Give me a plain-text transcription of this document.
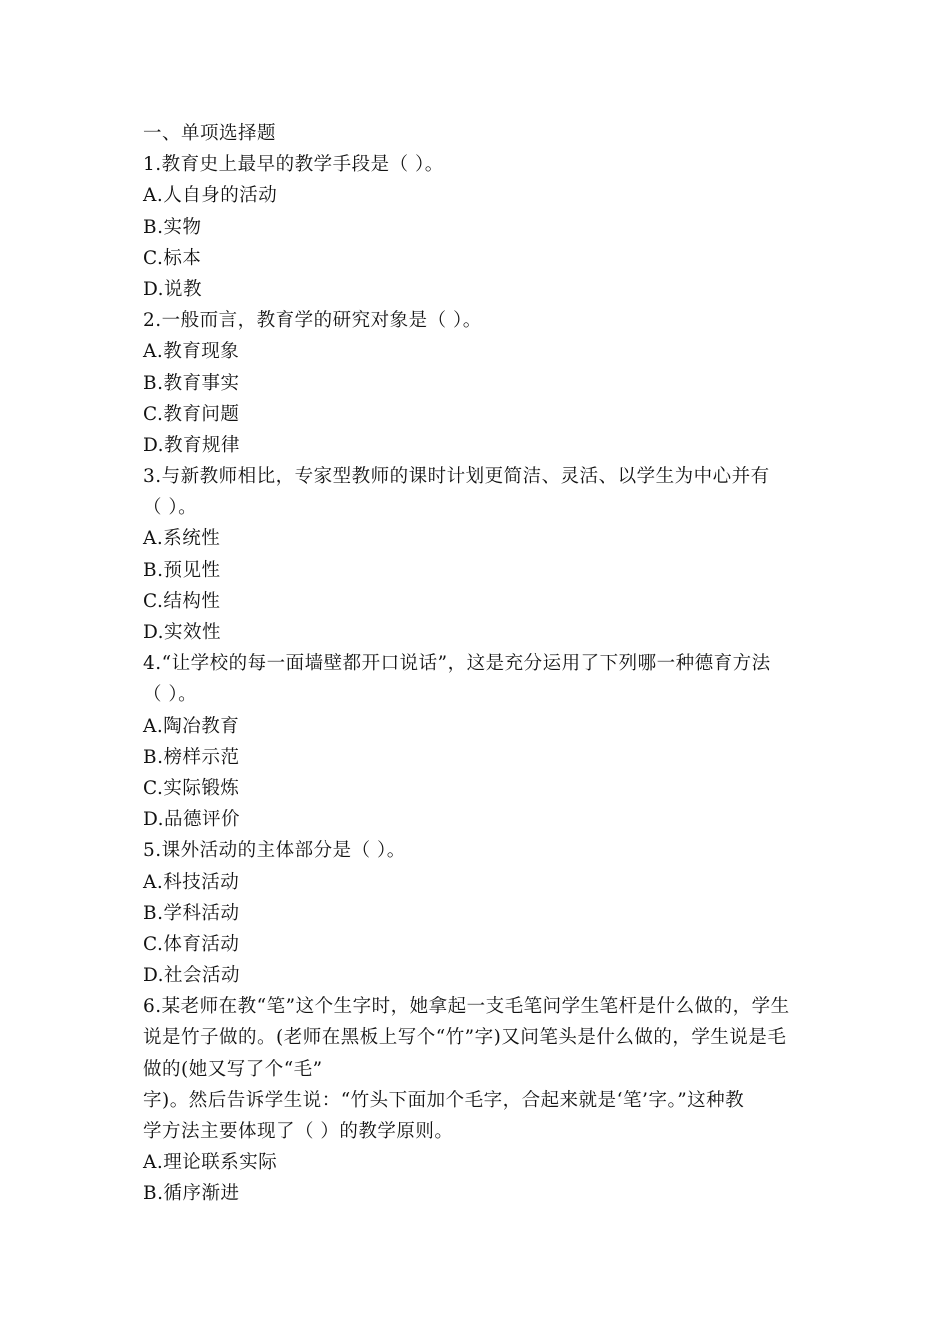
一、单项选择题
1.教育史上最早的教学手段是（ ）。
A.人自身的活动
B.实物
C.标本
D.说教
2.一般而言，教育学的研究对象是（ ）。
A.教育现象
B.教育事实
C.教育问题
D.教育规律
3.与新教师相比，专家型教师的课时计划更简洁、灵活、以学生为中心并有
（ ）。
A.系统性
B.预见性
C.结构性
D.实效性
4.“让学校的每一面墙壁都开口说话”，这是充分运用了下列哪一种德育方法
（ ）。
A.陶冶教育
B.榜样示范
C.实际锻炼
D.品德评价
5.课外活动的主体部分是（ ）。
A.科技活动
B.学科活动
C.体育活动
D.社会活动
6.某老师在教“笔”这个生字时，她拿起一支毛笔问学生笔杆是什么做的，学生
说是竹子做的。(老师在黑板上写个“竹”字)又问笔头是什么做的，学生说是毛
做的(她又写了个“毛”
字)。然后告诉学生说：“竹头下面加个毛字，合起来就是‘笔’字。”这种教
学方法主要体现了（ ）的教学原则。
A.理论联系实际
B.循序渐进
